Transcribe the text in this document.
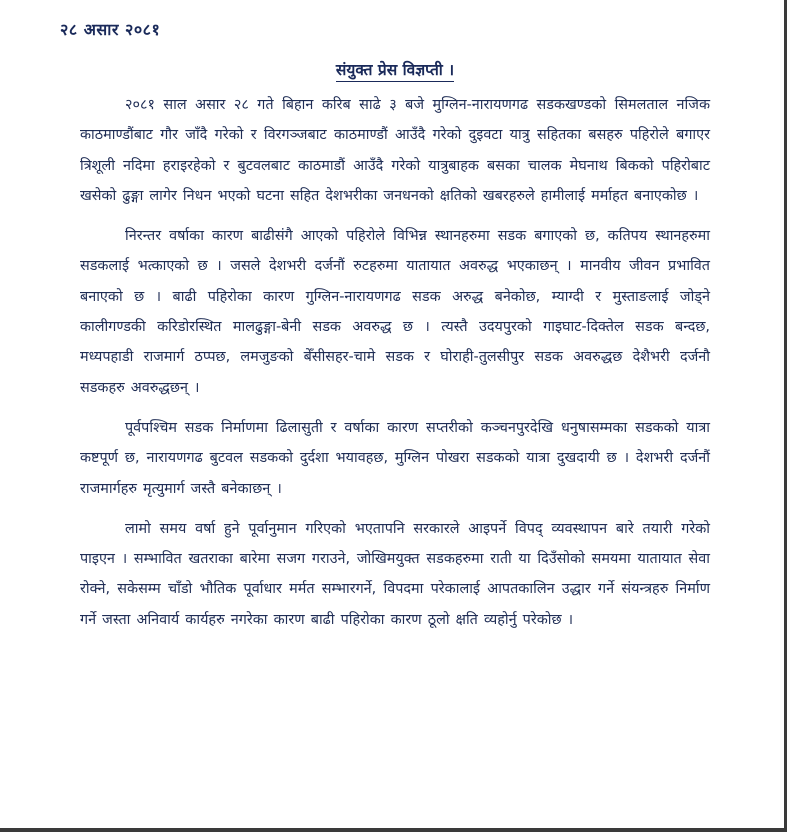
२८ असार २०८१
संयुक्त प्रेस विज्ञप्ती ।

२०८१ साल असार २८ गते बिहान करिब साढे ३ बजे मुग्लिन-नारायणगढ सडकखण्डको सिमलताल नजिक काठमाण्डौंबाट गौर जाँदै गरेको र विरगञ्जबाट काठमाण्डौं आउँदै गरेको दुइवटा यात्रु सहितका बसहरु पहिरोले बगाएर त्रिशूली नदिमा हराइरहेको र बुटवलबाट काठमाडौं आउँदै गरेको यात्रुबाहक बसका चालक मेघनाथ बिकको पहिरोबाट खसेको ढुङ्गा लागेर निधन भएको घटना सहित देशभरीका जनधनको क्षतिको खबरहरुले हामीलाई मर्माहत बनाएकोछ ।

निरन्तर वर्षाका कारण बाढीसंगै आएको पहिरोले विभिन्न स्थानहरुमा सडक बगाएको छ, कतिपय स्थानहरुमा सडकलाई भत्काएको छ । जसले देशभरी दर्जनौं रुटहरुमा यातायात अवरुद्ध भएकाछन् । मानवीय जीवन प्रभावित बनाएको छ । बाढी पहिरोका कारण गुग्लिन-नारायणगढ सडक अरुद्ध बनेकोछ, म्याग्दी र मुस्ताङलाई जोड्ने कालीगण्डकी करिडोरस्थित मालढुङ्गा-बेनी सडक अवरुद्ध छ । त्यस्तै उदयपुरको गाइघाट-दिक्तेल सडक बन्दछ, मध्यपहाडी राजमार्ग ठप्पछ, लमजुङको बेँसीसहर-चामे सडक र घोराही-तुलसीपुर सडक अवरुद्धछ देशैभरी दर्जनौ सडकहरु अवरुद्धछन् ।

पूर्वपश्चिम सडक निर्माणमा ढिलासुती र वर्षाका कारण सप्तरीको कञ्चनपुरदेखि धनुषासम्मका सडकको यात्रा कष्टपूर्ण छ, नारायणगढ बुटवल सडकको दुर्दशा भयावहछ, मुग्लिन पोखरा सडकको यात्रा दुखदायी छ । देशभरी दर्जनौं राजमार्गहरु मृत्युमार्ग जस्तै बनेकाछन् ।

लामो समय वर्षा हुने पूर्वानुमान गरिएको भएतापनि सरकारले आइपर्ने विपद् व्यवस्थापन बारे तयारी गरेको पाइएन । सम्भावित खतराका बारेमा सजग गराउने, जोखिमयुक्त सडकहरुमा राती या दिउँसोको समयमा यातायात सेवा रोक्ने, सकेसम्म चाँडो भौतिक पूर्वाधार मर्मत सम्भारगर्ने, विपदमा परेकालाई आपतकालिन उद्धार गर्ने संयन्त्रहरु निर्माण गर्ने जस्ता अनिवार्य कार्यहरु नगरेका कारण बाढी पहिरोका कारण ठूलो क्षति व्यहोर्नु परेकोछ ।
